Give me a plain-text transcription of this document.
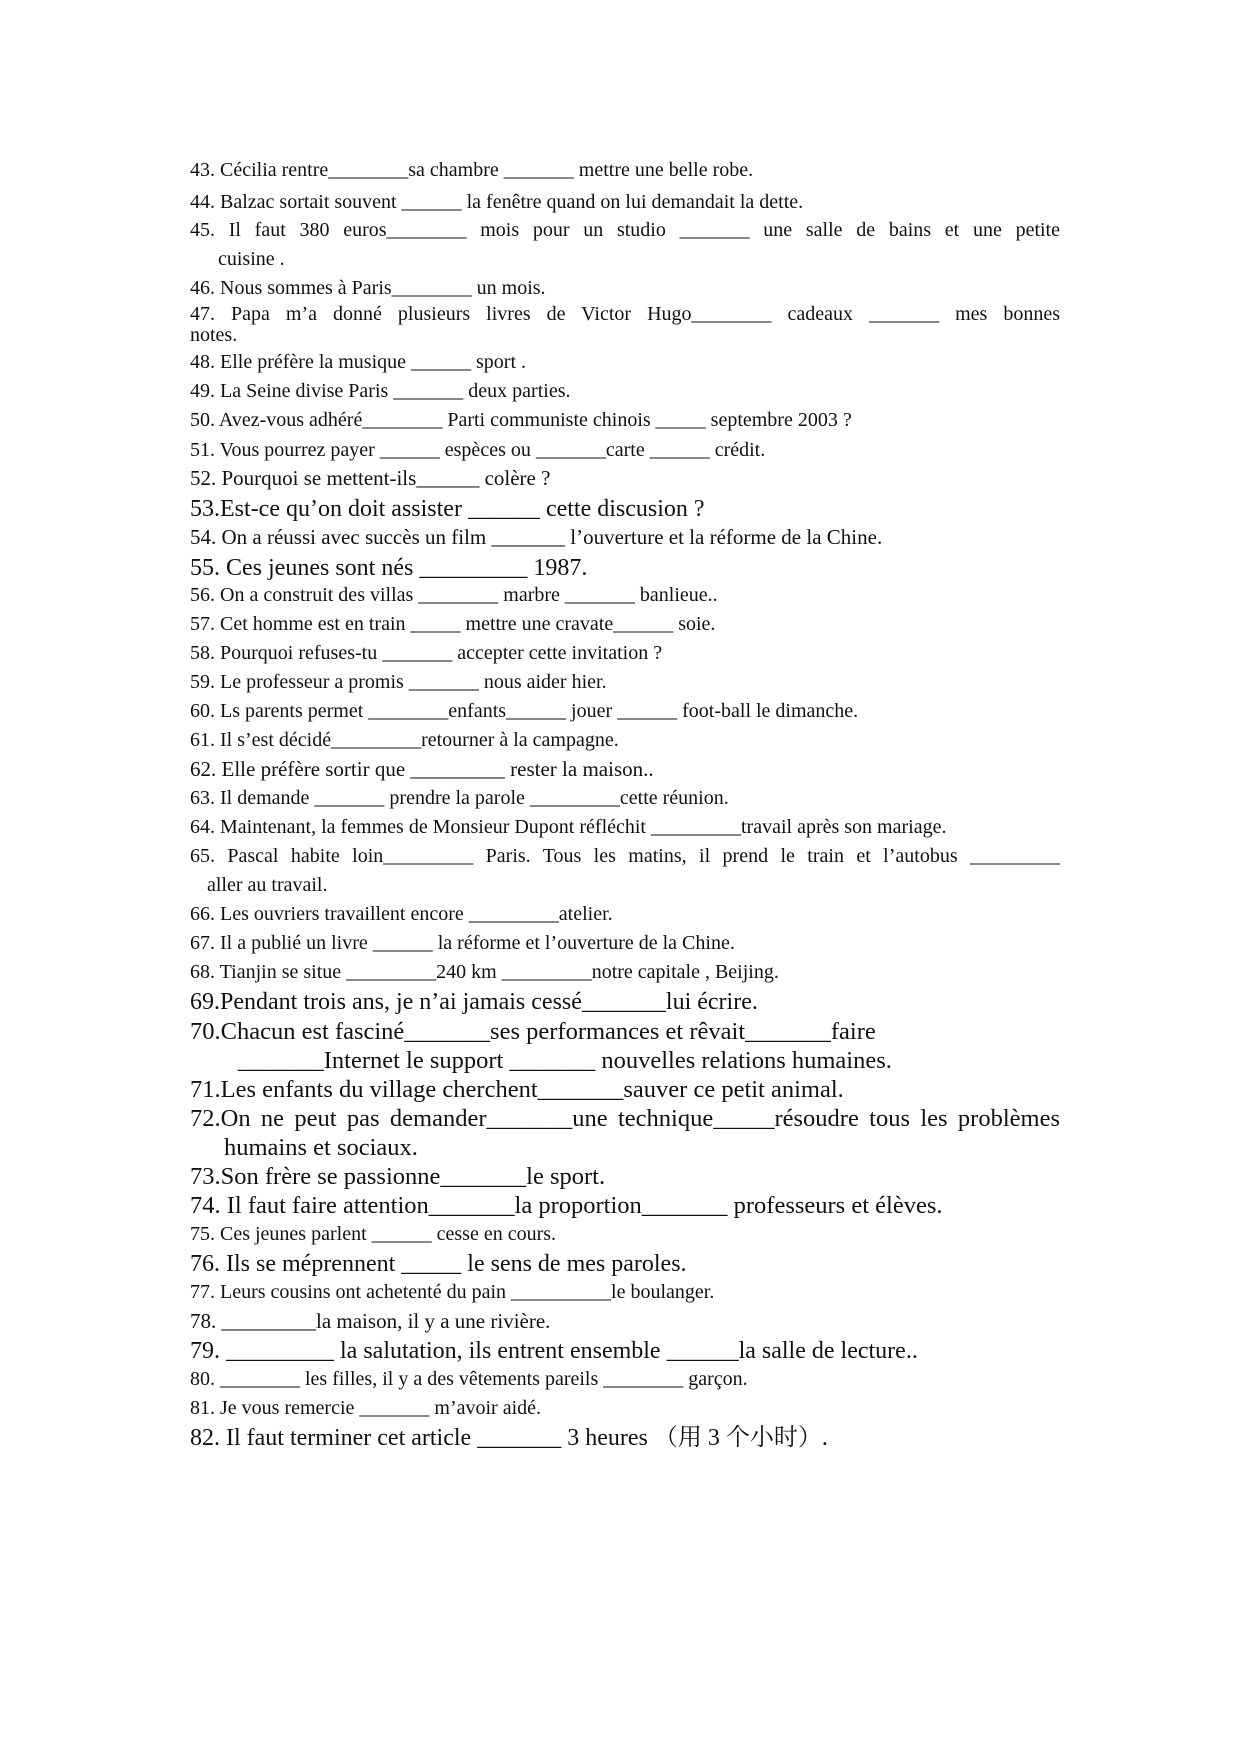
43. Cécilia rentre________sa chambre _______ mettre une belle robe.
44. Balzac sortait souvent ______ la fenêtre quand on lui demandait la dette.
45. Il faut 380 euros________ mois pour un studio _______ une salle de bains et une petite
cuisine .
46. Nous sommes à Paris________ un mois.
47. Papa m’a donné plusieurs livres de Victor Hugo________ cadeaux _______ mes bonnes
notes.
48. Elle préfère la musique ______ sport .
49. La Seine divise Paris _______ deux parties.
50. Avez-vous adhéré________ Parti communiste chinois _____ septembre 2003 ?
51. Vous pourrez payer ______ espèces ou _______carte ______ crédit.
52. Pourquoi se mettent-ils______ colère ?
53.Est-ce qu’on doit assister ______ cette discusion ?
54. On a réussi avec succès un film _______ l’ouverture et la réforme de la Chine.
55. Ces jeunes sont nés _________ 1987.
56. On a construit des villas ________ marbre _______ banlieue..
57. Cet homme est en train _____ mettre une cravate______ soie.
58. Pourquoi refuses-tu _______ accepter cette invitation ?
59. Le professeur a promis _______ nous aider hier.
60. Ls parents permet ________enfants______ jouer ______ foot-ball le dimanche.
61. Il s’est décidé_________retourner à la campagne.
62. Elle préfère sortir que _________ rester la maison..
63. Il demande _______ prendre la parole _________cette réunion.
64. Maintenant, la femmes de Monsieur Dupont réfléchit _________travail après son mariage.
65. Pascal habite loin_________ Paris. Tous les matins, il prend le train et l’autobus _________
aller au travail.
66. Les ouvriers travaillent encore _________atelier.
67. Il a publié un livre ______ la réforme et l’ouverture de la Chine.
68. Tianjin se situe _________240 km _________notre capitale , Beijing.
69.Pendant trois ans, je n’ai jamais cessé_______lui écrire.
70.Chacun est fasciné_______ses performances et rêvait_______faire
_______Internet le support _______ nouvelles relations humaines.
71.Les enfants du village cherchent_______sauver ce petit animal.
72.On ne peut pas demander_______une technique_____résoudre tous les problèmes
humains et sociaux.
73.Son frère se passionne_______le sport.
74. Il faut faire attention_______la proportion_______ professeurs et élèves.
75. Ces jeunes parlent ______ cesse en cours.
76. Ils se méprennent _____ le sens de mes paroles.
77. Leurs cousins ont achetenté du pain __________le boulanger.
78. _________la maison, il y a une rivière.
79. _________ la salutation, ils entrent ensemble ______la salle de lecture..
80. ________ les filles, il y a des vêtements pareils ________ garçon.
81. Je vous remercie _______ m’avoir aidé.
82. Il faut terminer cet article _______ 3 heures （用 3 个小时）.
